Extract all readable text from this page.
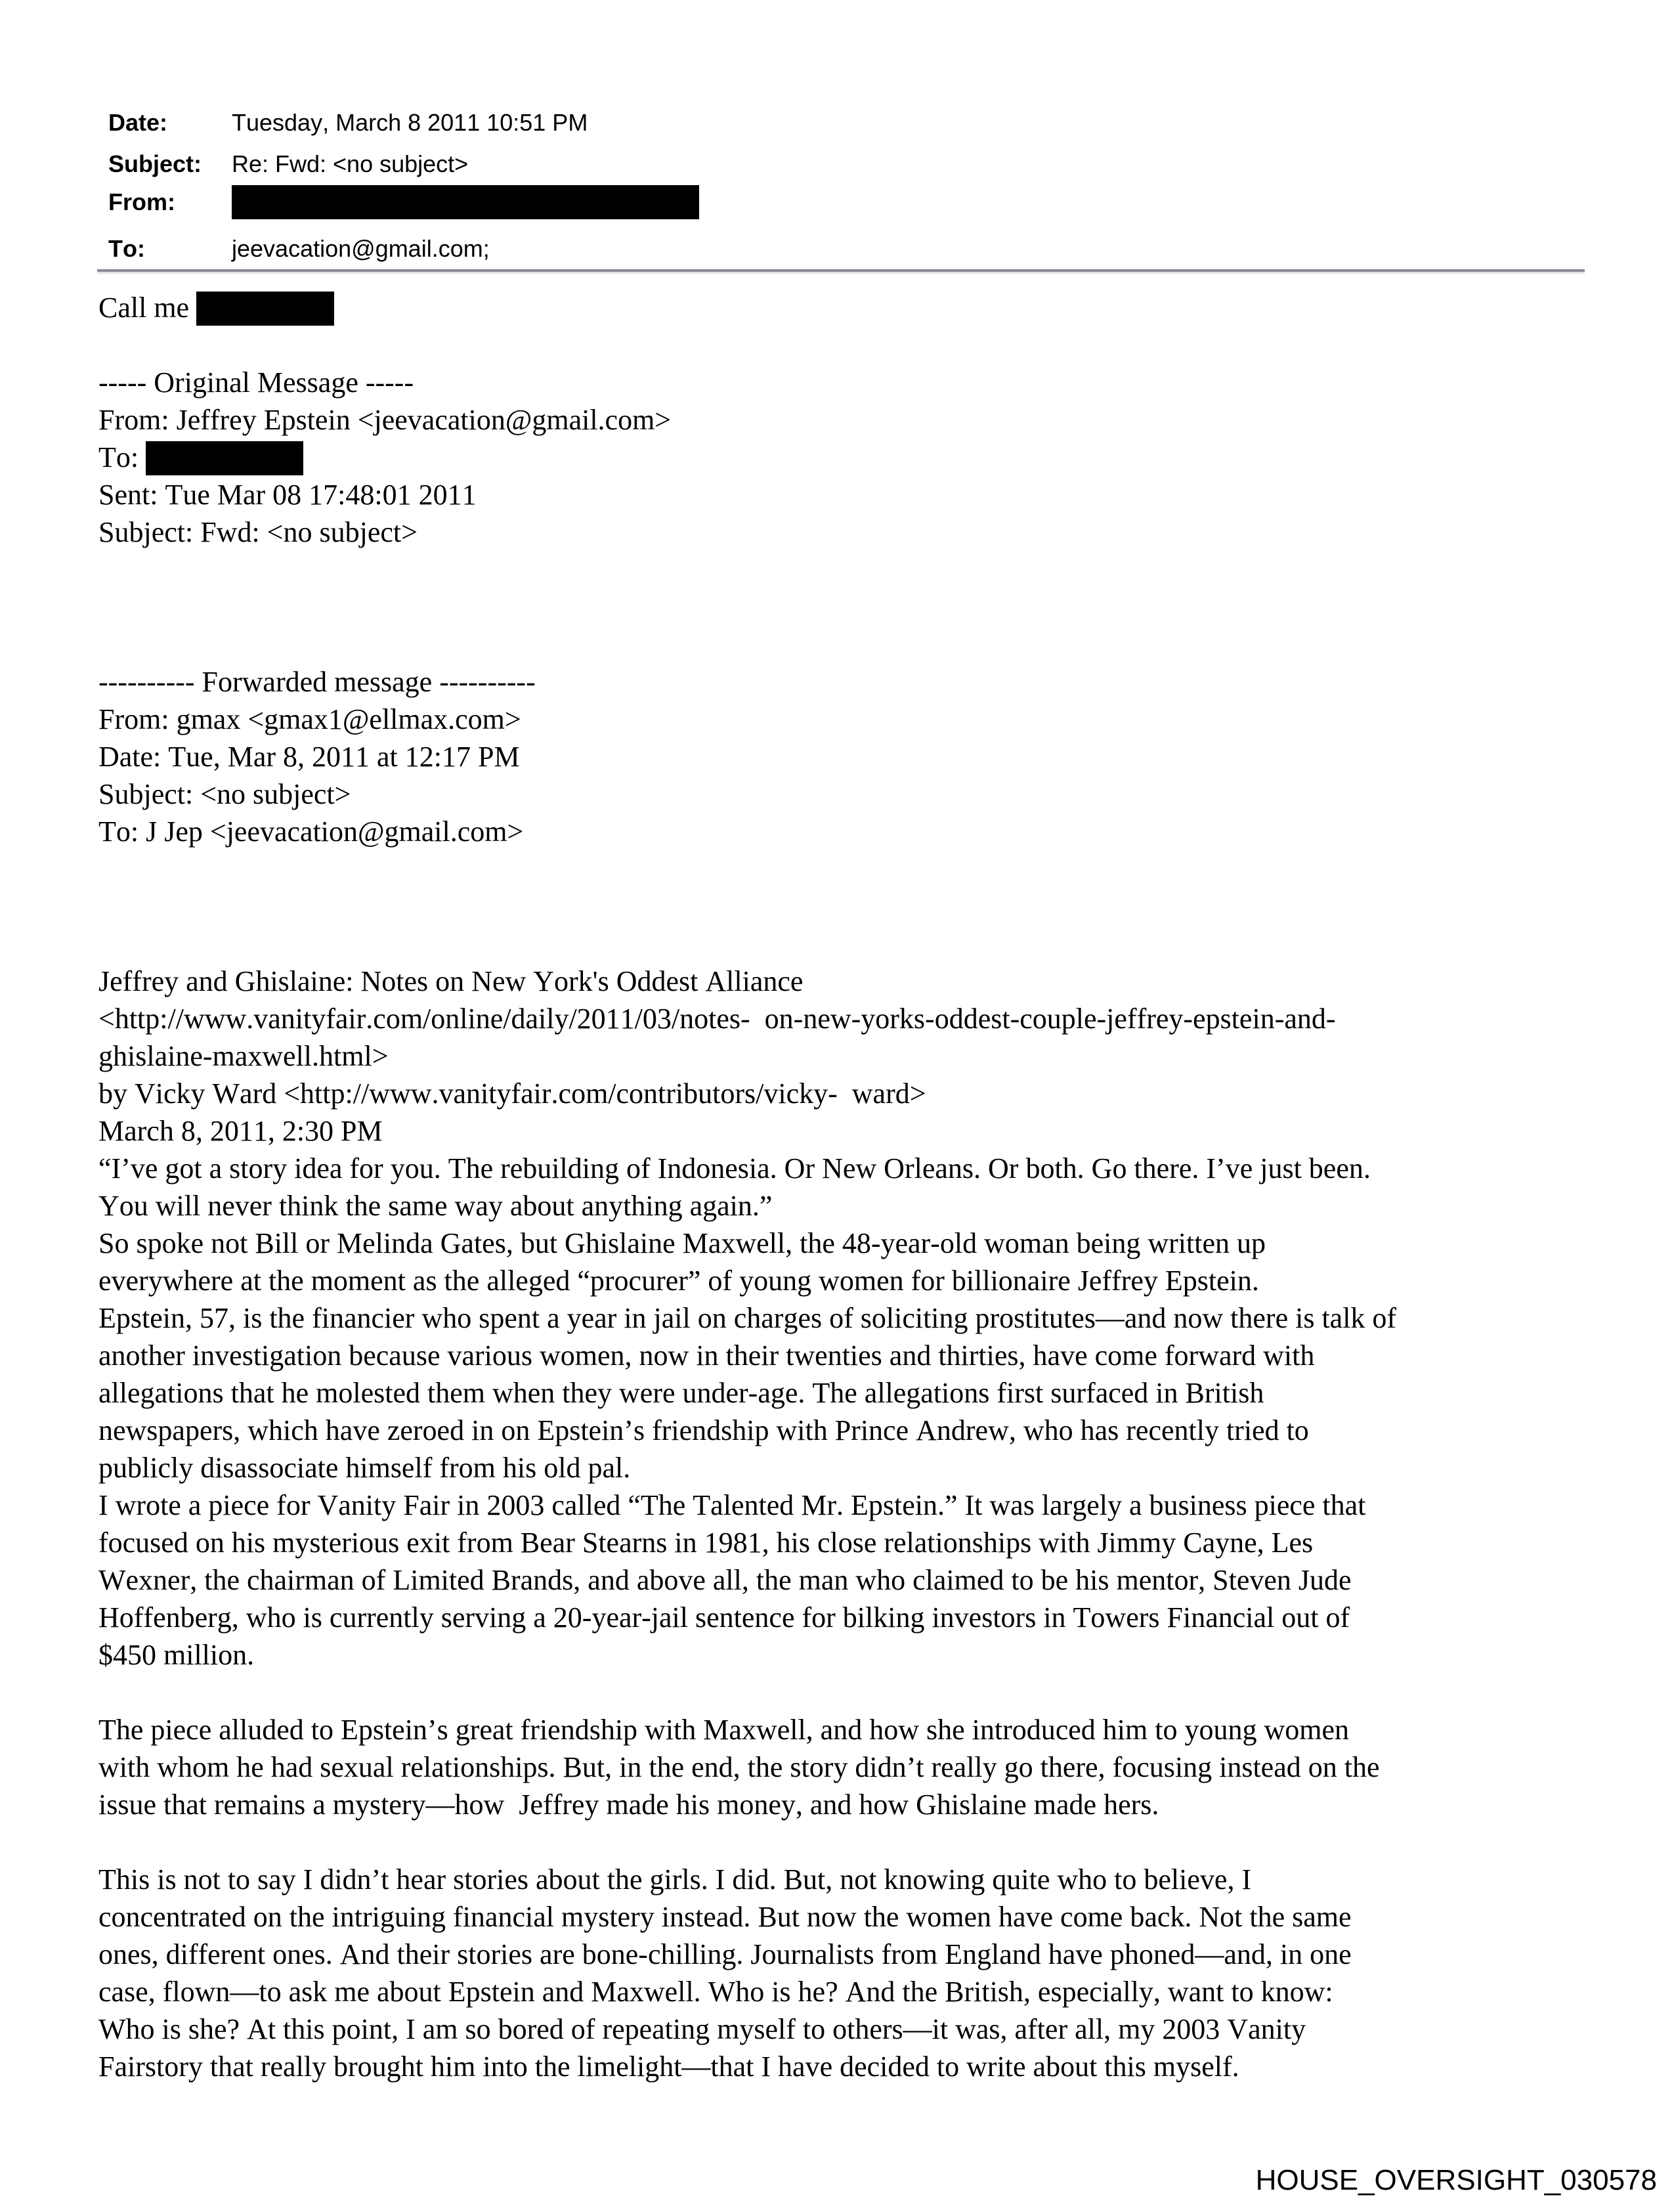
Date:	Tuesday, March 8 2011 10:51 PM
Subject:	Re: Fwd: <no subject>
From:
To:	jeevacation@gmail.com;
Call me

----- Original Message -----
From: Jeffrey Epstein <jeevacation@gmail.com>
To:
Sent: Tue Mar 08 17:48:01 2011
Subject: Fwd: <no subject>

---------- Forwarded message ----------
From: gmax <gmax1@ellmax.com>
Date: Tue, Mar 8, 2011 at 12:17 PM
Subject: <no subject>
To: J Jep <jeevacation@gmail.com>

Jeffrey and Ghislaine: Notes on New York's Oddest Alliance
<http://www.vanityfair.com/online/daily/2011/03/notes-  on-new-yorks-oddest-couple-jeffrey-epstein-and-
ghislaine-maxwell.html>
by Vicky Ward <http://www.vanityfair.com/contributors/vicky-  ward>
March 8, 2011, 2:30 PM
“I’ve got a story idea for you. The rebuilding of Indonesia. Or New Orleans. Or both. Go there. I’ve just been.
You will never think the same way about anything again.”
So spoke not Bill or Melinda Gates, but Ghislaine Maxwell, the 48-year-old woman being written up
everywhere at the moment as the alleged “procurer” of young women for billionaire Jeffrey Epstein.
Epstein, 57, is the financier who spent a year in jail on charges of soliciting prostitutes—and now there is talk of
another investigation because various women, now in their twenties and thirties, have come forward with
allegations that he molested them when they were under-age. The allegations first surfaced in British
newspapers, which have zeroed in on Epstein’s friendship with Prince Andrew, who has recently tried to
publicly disassociate himself from his old pal.
I wrote a piece for Vanity Fair in 2003 called “The Talented Mr. Epstein.” It was largely a business piece that
focused on his mysterious exit from Bear Stearns in 1981, his close relationships with Jimmy Cayne, Les
Wexner, the chairman of Limited Brands, and above all, the man who claimed to be his mentor, Steven Jude
Hoffenberg, who is currently serving a 20-year-jail sentence for bilking investors in Towers Financial out of
$450 million.

The piece alluded to Epstein’s great friendship with Maxwell, and how she introduced him to young women
with whom he had sexual relationships. But, in the end, the story didn’t really go there, focusing instead on the
issue that remains a mystery—how  Jeffrey made his money, and how Ghislaine made hers.

This is not to say I didn’t hear stories about the girls. I did. But, not knowing quite who to believe, I
concentrated on the intriguing financial mystery instead. But now the women have come back. Not the same
ones, different ones. And their stories are bone-chilling. Journalists from England have phoned—and, in one
case, flown—to ask me about Epstein and Maxwell. Who is he? And the British, especially, want to know:
Who is she? At this point, I am so bored of repeating myself to others—it was, after all, my 2003 Vanity
Fairstory that really brought him into the limelight—that I have decided to write about this myself.
HOUSE_OVERSIGHT_030578
